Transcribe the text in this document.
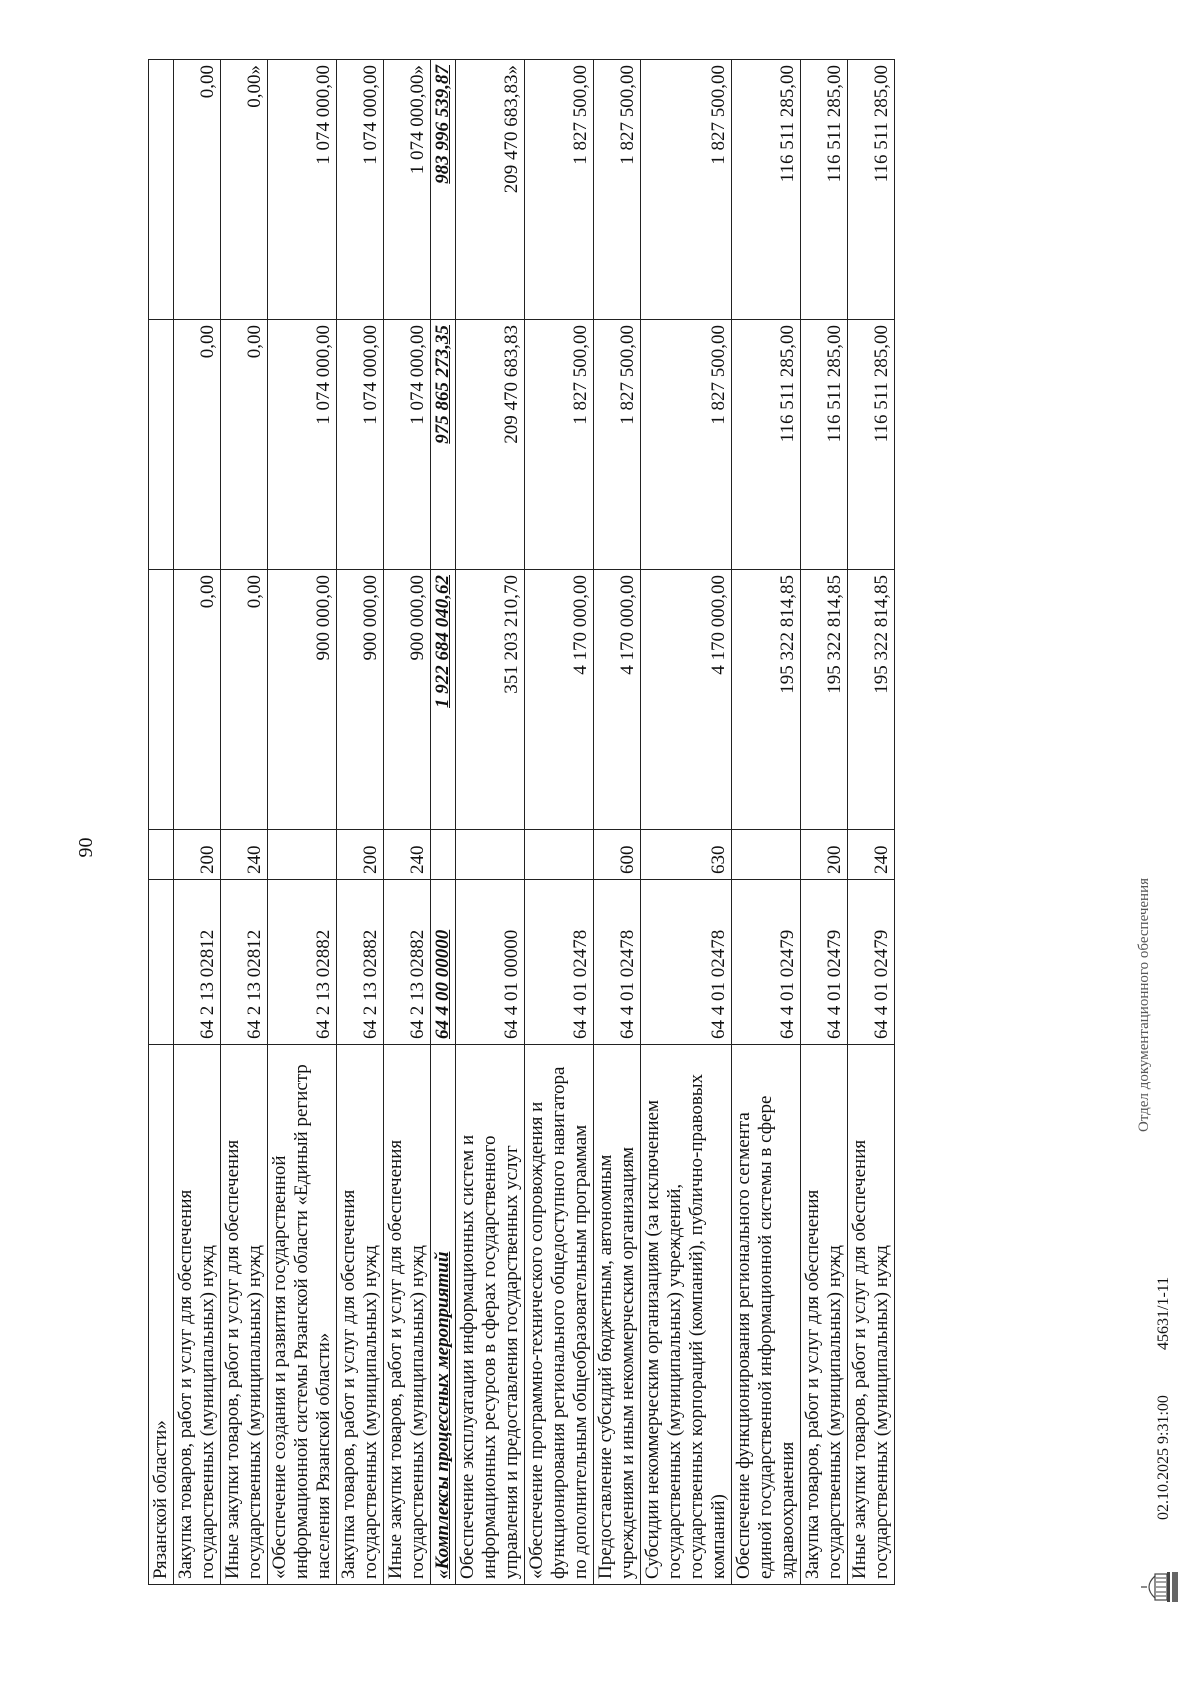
90
Рязанской области»					
Закупка товаров, работ и услуг для обеспечения государственных (муниципальных) нужд	64 2 13 02812	200	0,00	0,00	0,00
Иные закупки товаров, работ и услуг для обеспечения государственных (муниципальных) нужд	64 2 13 02812	240	0,00	0,00	0,00»
«Обеспечение создания и развития государственной информационной системы Рязанской области «Единый регистр населения Рязанской области»	64 2 13 02882		900 000,00	1 074 000,00	1 074 000,00
Закупка товаров, работ и услуг для обеспечения государственных (муниципальных) нужд	64 2 13 02882	200	900 000,00	1 074 000,00	1 074 000,00
Иные закупки товаров, работ и услуг для обеспечения государственных (муниципальных) нужд	64 2 13 02882	240	900 000,00	1 074 000,00	1 074 000,00»
«Комплексы процессных мероприятий	64 4 00 00000		1 922 684 040,62	975 865 273,35	983 996 539,87
Обеспечение эксплуатации информационных систем и информационных ресурсов в сферах государственного управления и предоставления государственных услуг	64 4 01 00000		351 203 210,70	209 470 683,83	209 470 683,83»
«Обеспечение программно-технического сопровождения и функционирования регионального общедоступного навигатора по дополнительным общеобразовательным программам	64 4 01 02478		4 170 000,00	1 827 500,00	1 827 500,00
Предоставление субсидий бюджетным, автономным учреждениям и иным некоммерческим организациям	64 4 01 02478	600	4 170 000,00	1 827 500,00	1 827 500,00
Субсидии некоммерческим организациям (за исключением государственных (муниципальных) учреждений, государственных корпораций (компаний), публично-правовых компаний)	64 4 01 02478	630	4 170 000,00	1 827 500,00	1 827 500,00
Обеспечение функционирования регионального сегмента единой государственной информационной системы в сфере здравоохранения	64 4 01 02479		195 322 814,85	116 511 285,00	116 511 285,00
Закупка товаров, работ и услуг для обеспечения государственных (муниципальных) нужд	64 4 01 02479	200	195 322 814,85	116 511 285,00	116 511 285,00
Иные закупки товаров, работ и услуг для обеспечения государственных (муниципальных) нужд	64 4 01 02479	240	195 322 814,85	116 511 285,00	116 511 285,00
02.10.2025 9:31:00
45631/1-11
Отдел документационного обеспечения
